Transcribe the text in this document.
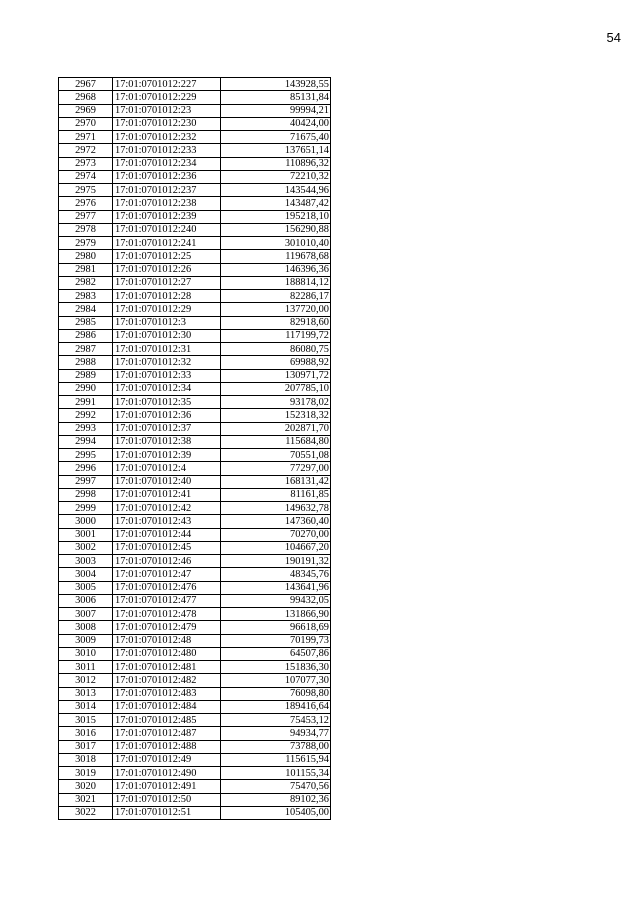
54
2967	17:01:0701012:227	143928,55
2968	17:01:0701012:229	85131,84
2969	17:01:0701012:23	99994,21
2970	17:01:0701012:230	40424,00
2971	17:01:0701012:232	71675,40
2972	17:01:0701012:233	137651,14
2973	17:01:0701012:234	110896,32
2974	17:01:0701012:236	72210,32
2975	17:01:0701012:237	143544,96
2976	17:01:0701012:238	143487,42
2977	17:01:0701012:239	195218,10
2978	17:01:0701012:240	156290,88
2979	17:01:0701012:241	301010,40
2980	17:01:0701012:25	119678,68
2981	17:01:0701012:26	146396,36
2982	17:01:0701012:27	188814,12
2983	17:01:0701012:28	82286,17
2984	17:01:0701012:29	137720,00
2985	17:01:0701012:3	82918,60
2986	17:01:0701012:30	117199,72
2987	17:01:0701012:31	86080,75
2988	17:01:0701012:32	69988,92
2989	17:01:0701012:33	130971,72
2990	17:01:0701012:34	207785,10
2991	17:01:0701012:35	93178,02
2992	17:01:0701012:36	152318,32
2993	17:01:0701012:37	202871,70
2994	17:01:0701012:38	115684,80
2995	17:01:0701012:39	70551,08
2996	17:01:0701012:4	77297,00
2997	17:01:0701012:40	168131,42
2998	17:01:0701012:41	81161,85
2999	17:01:0701012:42	149632,78
3000	17:01:0701012:43	147360,40
3001	17:01:0701012:44	70270,00
3002	17:01:0701012:45	104667,20
3003	17:01:0701012:46	190191,32
3004	17:01:0701012:47	48345,76
3005	17:01:0701012:476	143641,96
3006	17:01:0701012:477	99432,05
3007	17:01:0701012:478	131866,90
3008	17:01:0701012:479	96618,69
3009	17:01:0701012:48	70199,73
3010	17:01:0701012:480	64507,86
3011	17:01:0701012:481	151836,30
3012	17:01:0701012:482	107077,30
3013	17:01:0701012:483	76098,80
3014	17:01:0701012:484	189416,64
3015	17:01:0701012:485	75453,12
3016	17:01:0701012:487	94934,77
3017	17:01:0701012:488	73788,00
3018	17:01:0701012:49	115615,94
3019	17:01:0701012:490	101155,34
3020	17:01:0701012:491	75470,56
3021	17:01:0701012:50	89102,36
3022	17:01:0701012:51	105405,00
